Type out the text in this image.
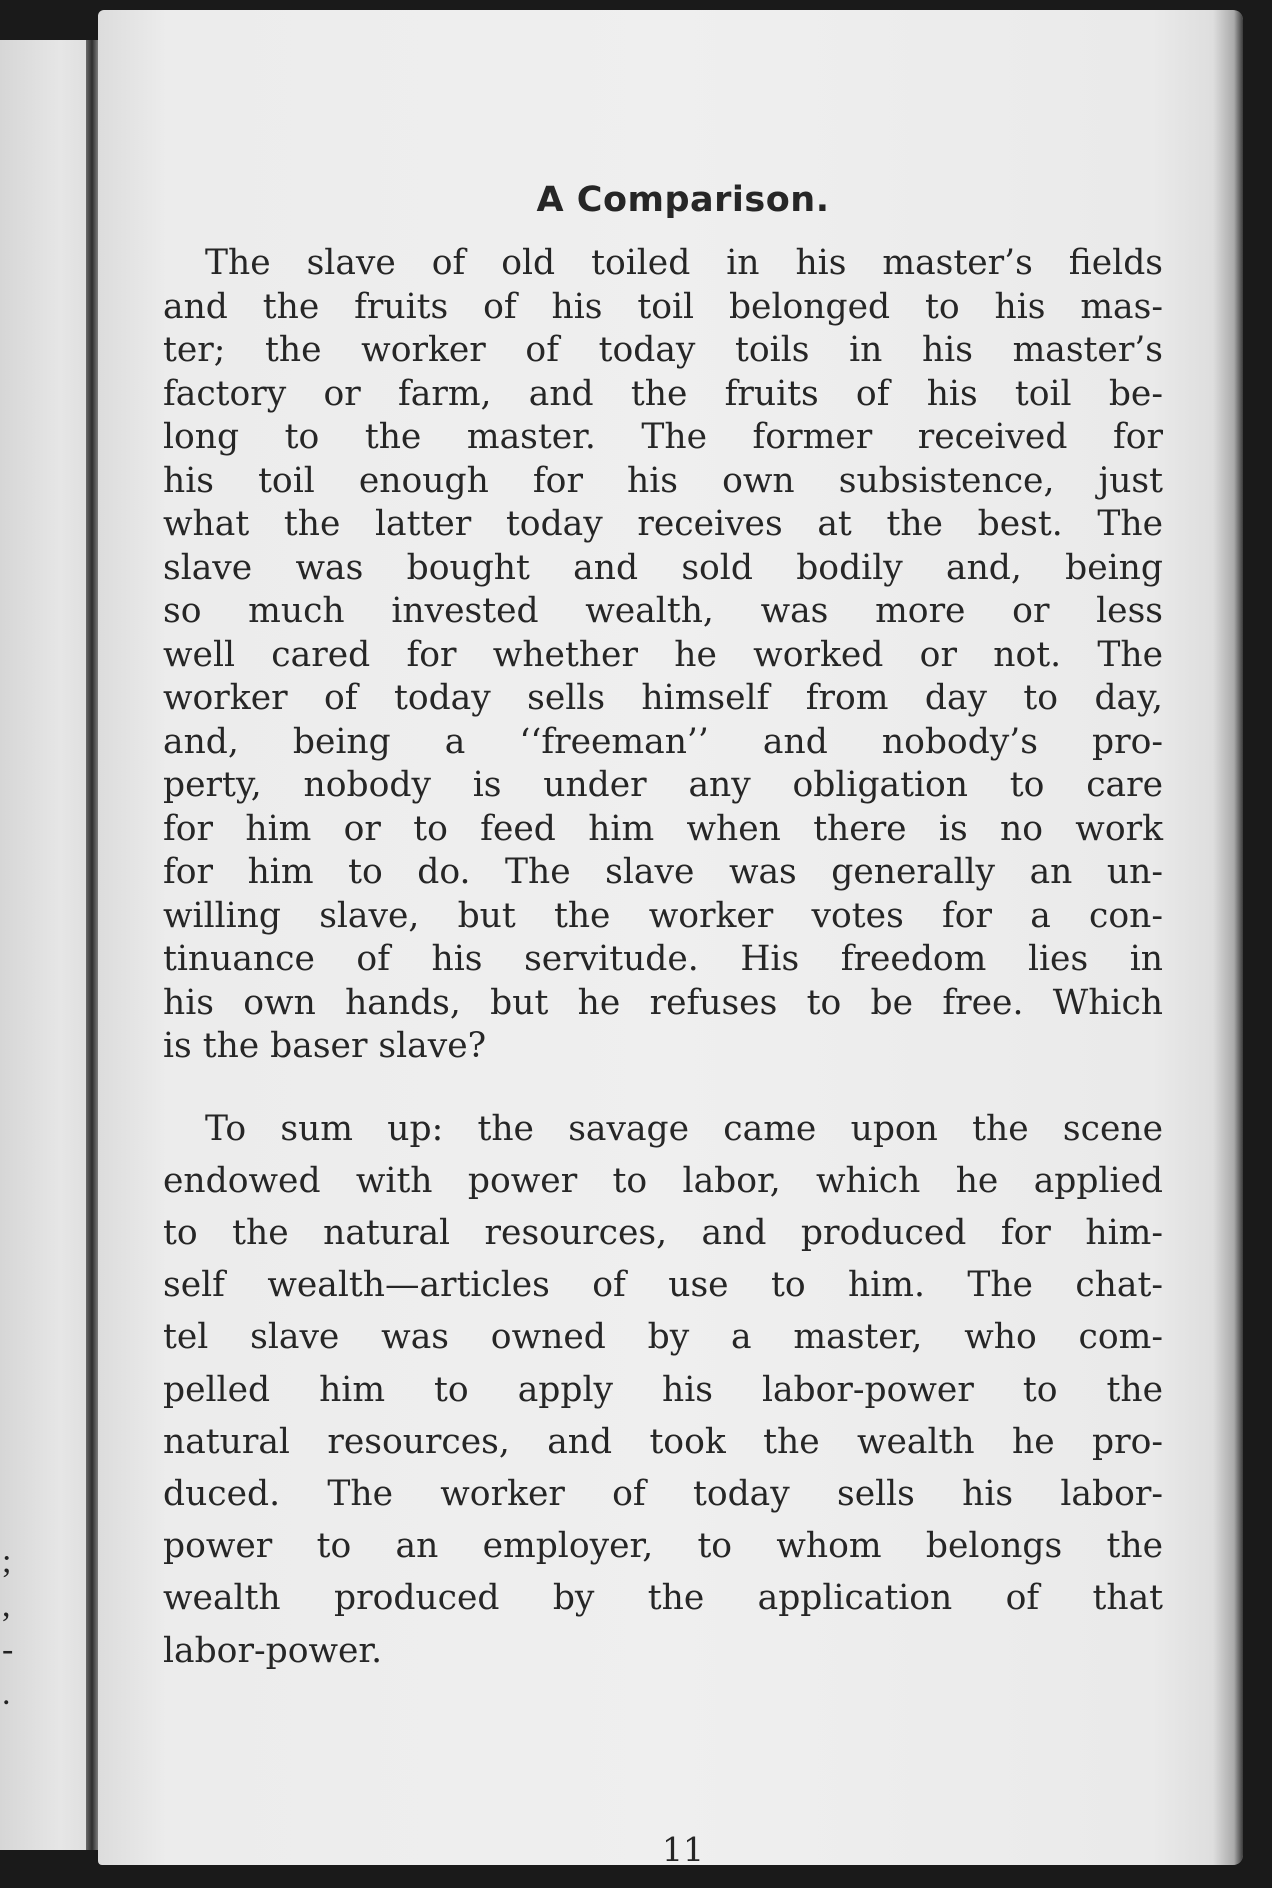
;
,
-
.
A Comparison.
The slave of old toiled in his master’s fields
and the fruits of his toil belonged to his mas-
ter; the worker of today toils in his master’s
factory or farm, and the fruits of his toil be-
long to the master. The former received for
his toil enough for his own subsistence, just
what the latter today receives at the best. The
slave was bought and sold bodily and, being
so much invested wealth, was more or less
well cared for whether he worked or not. The
worker of today sells himself from day to day,
and, being a ‘‘freeman’’ and nobody’s pro-
perty, nobody is under any obligation to care
for him or to feed him when there is no work
for him to do. The slave was generally an un-
willing slave, but the worker votes for a con-
tinuance of his servitude. His freedom lies in
his own hands, but he refuses to be free. Which
is the baser slave?
To sum up: the savage came upon the scene
endowed with power to labor, which he applied
to the natural resources, and produced for him-
self wealth—articles of use to him. The chat-
tel slave was owned by a master, who com-
pelled him to apply his labor-power to the
natural resources, and took the wealth he pro-
duced. The worker of today sells his labor-
power to an employer, to whom belongs the
wealth produced by the application of that
labor-power.
11
